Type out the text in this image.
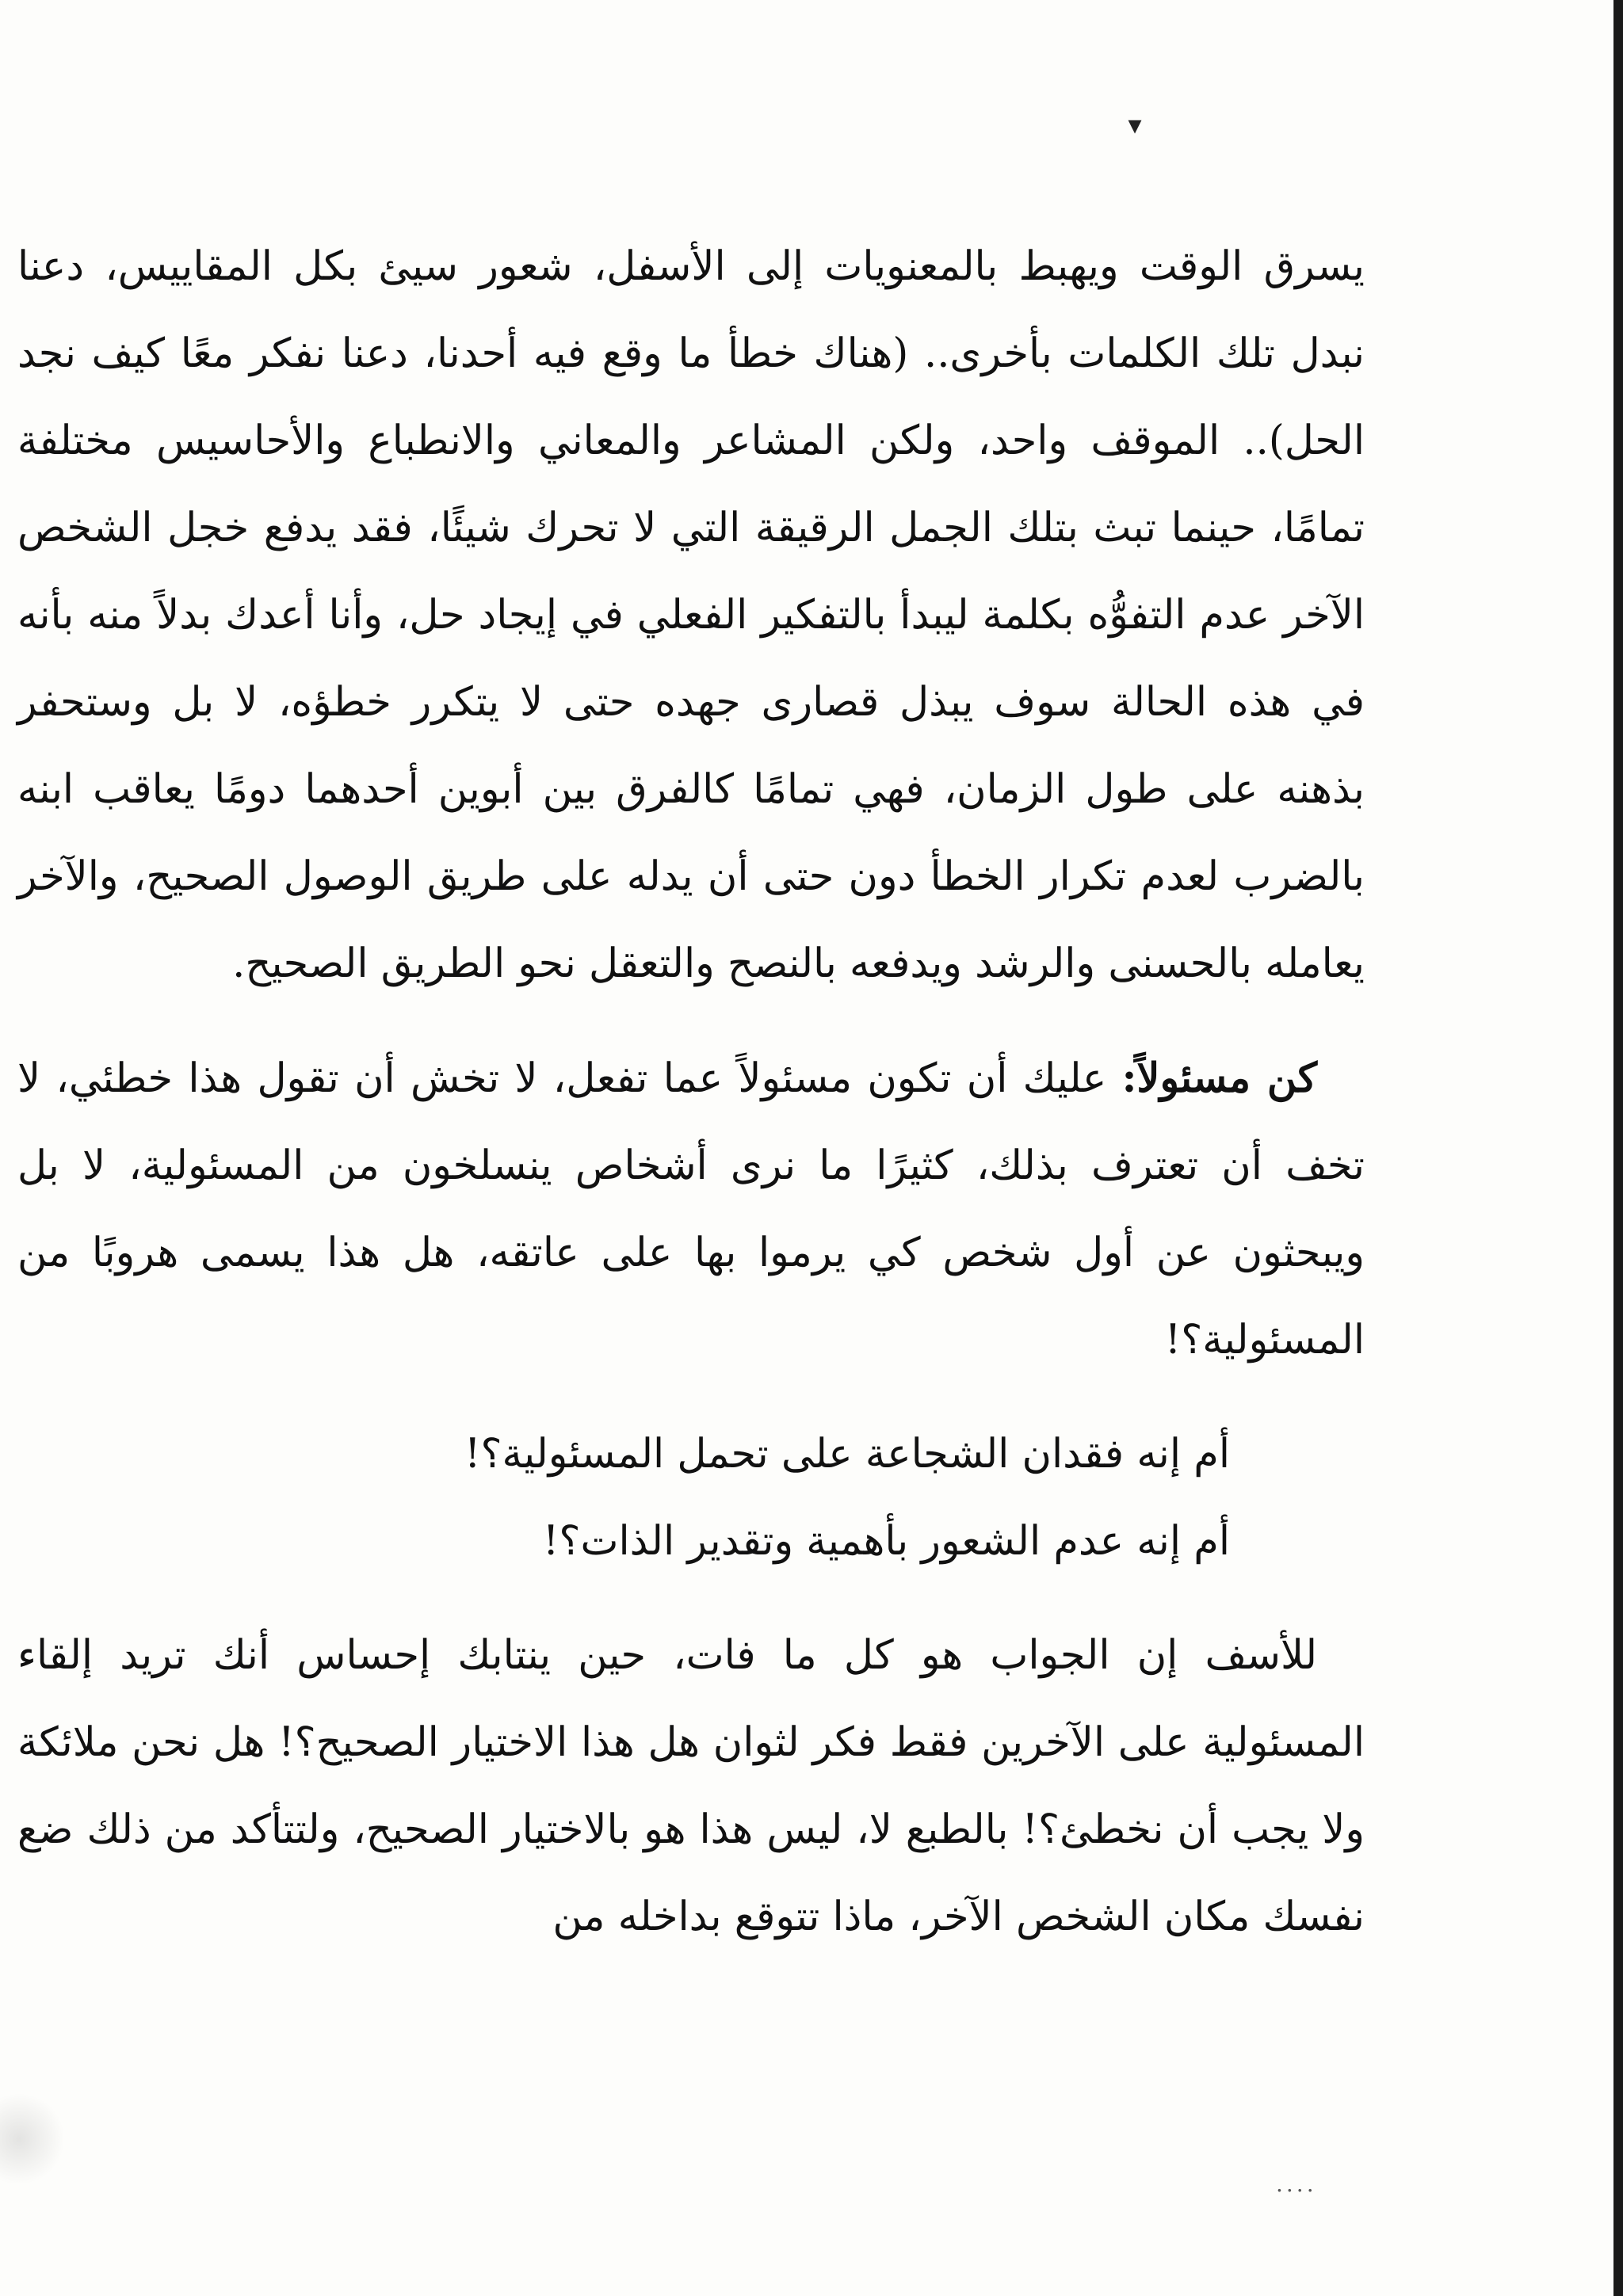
▾

يسرق الوقت ويهبط بالمعنويات إلى الأسفل، شعور سيئ بكل المقاييس، دعنا نبدل تلك الكلمات بأخرى.. (هناك خطأ ما وقع فيه أحدنا، دعنا نفكر معًا كيف نجد الحل).. الموقف واحد، ولكن المشاعر والمعاني والانطباع والأحاسيس مختلفة تمامًا، حينما تبث بتلك الجمل الرقيقة التي لا تحرك شيئًا، فقد يدفع خجل الشخص الآخر عدم التفوُّه بكلمة ليبدأ بالتفكير الفعلي في إيجاد حل، وأنا أعدك بدلاً منه بأنه في هذه الحالة سوف يبذل قصارى جهده حتى لا يتكرر خطؤه، لا بل وستحفر بذهنه على طول الزمان، فهي تمامًا كالفرق بين أبوين أحدهما دومًا يعاقب ابنه بالضرب لعدم تكرار الخطأ دون حتى أن يدله على طريق الوصول الصحيح، والآخر يعامله بالحسنى والرشد ويدفعه بالنصح والتعقل نحو الطريق الصحيح.

كن مسئولاً: عليك أن تكون مسئولاً عما تفعل، لا تخش أن تقول هذا خطئي، لا تخف أن تعترف بذلك، كثيرًا ما نرى أشخاص ينسلخون من المسئولية، لا بل ويبحثون عن أول شخص كي يرموا بها على عاتقه، هل هذا يسمى هروبًا من المسئولية؟!

أم إنه فقدان الشجاعة على تحمل المسئولية؟!

أم إنه عدم الشعور بأهمية وتقدير الذات؟!

للأسف إن الجواب هو كل ما فات، حين ينتابك إحساس أنك تريد إلقاء المسئولية على الآخرين فقط فكر لثوان هل هذا الاختيار الصحيح؟! هل نحن ملائكة ولا يجب أن نخطئ؟! بالطبع لا، ليس هذا هو بالاختيار الصحيح، ولتتأكد من ذلك ضع نفسك مكان الشخص الآخر، ماذا تتوقع بداخله من

....
